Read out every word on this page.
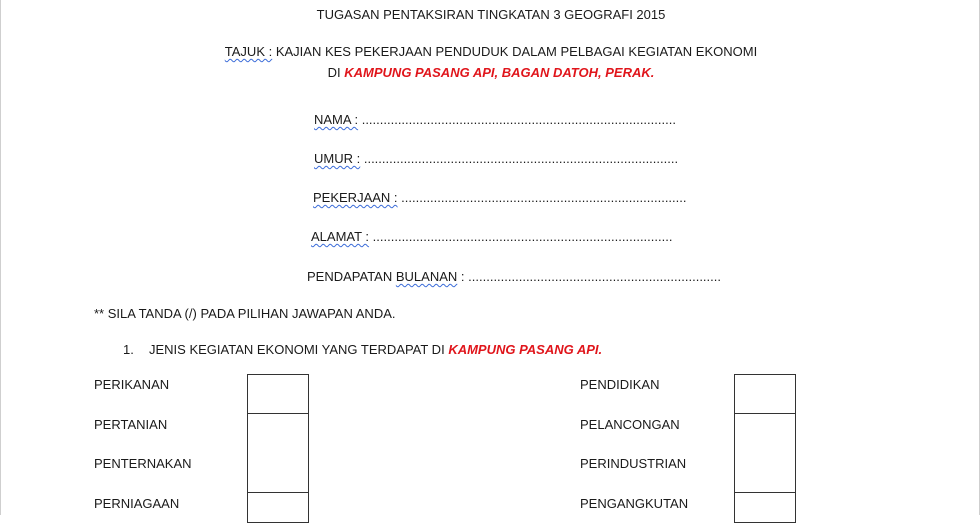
TUGASAN PENTAKSIRAN TINGKATAN 3 GEOGRAFI 2015
TAJUK : KAJIAN KES PEKERJAAN PENDUDUK DALAM PELBAGAI KEGIATAN EKONOMI
DI KAMPUNG PASANG API, BAGAN DATOH, PERAK.
NAMA : .......................................................................................
UMUR : .......................................................................................
PEKERJAAN : ...............................................................................
ALAMAT : ...................................................................................
PENDAPATAN BULANAN : ......................................................................
** SILA TANDA (/) PADA PILIHAN JAWAPAN ANDA.
1. JENIS KEGIATAN EKONOMI YANG TERDAPAT DI KAMPUNG PASANG API.
PERIKANAN
PERTANIAN
PENTERNAKAN
PERNIAGAAN
PENDIDIKAN
PELANCONGAN
PERINDUSTRIAN
PENGANGKUTAN
